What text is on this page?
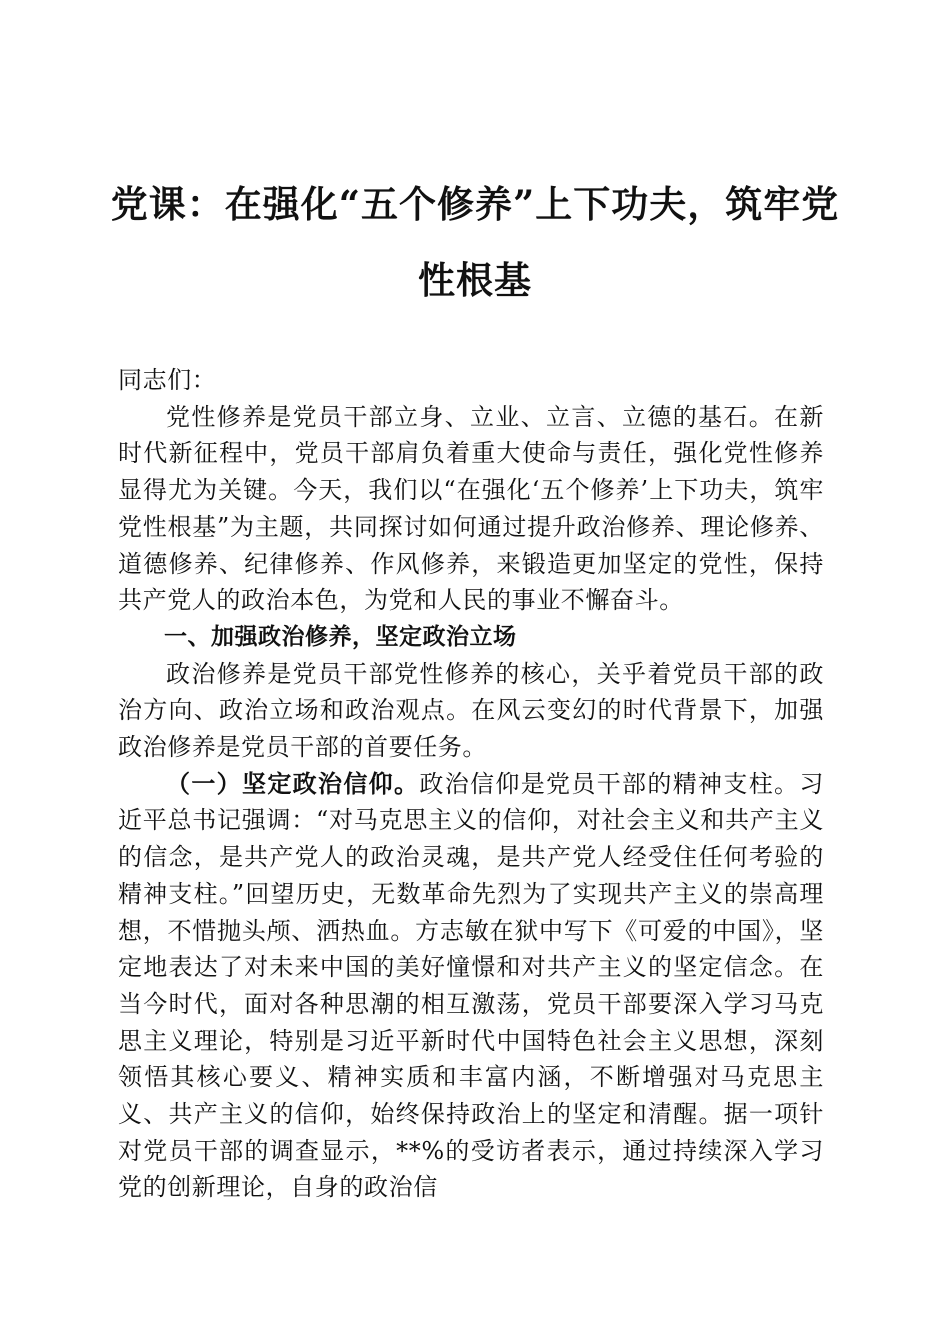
党课：在强化“五个修养”上下功夫，筑牢党性根基

同志们：

党性修养是党员干部立身、立业、立言、立德的基石。在新时代新征程中，党员干部肩负着重大使命与责任，强化党性修养显得尤为关键。今天，我们以“在强化‘五个修养’上下功夫，筑牢党性根基”为主题，共同探讨如何通过提升政治修养、理论修养、道德修养、纪律修养、作风修养，来锻造更加坚定的党性，保持共产党人的政治本色，为党和人民的事业不懈奋斗。

一、加强政治修养，坚定政治立场

政治修养是党员干部党性修养的核心，关乎着党员干部的政治方向、政治立场和政治观点。在风云变幻的时代背景下，加强政治修养是党员干部的首要任务。

（一）坚定政治信仰。政治信仰是党员干部的精神支柱。习近平总书记强调：“对马克思主义的信仰，对社会主义和共产主义的信念，是共产党人的政治灵魂，是共产党人经受住任何考验的精神支柱。”回望历史，无数革命先烈为了实现共产主义的崇高理想，不惜抛头颅、洒热血。方志敏在狱中写下《可爱的中国》，坚定地表达了对未来中国的美好憧憬和对共产主义的坚定信念。在当今时代，面对各种思潮的相互激荡，党员干部要深入学习马克思主义理论，特别是习近平新时代中国特色社会主义思想，深刻领悟其核心要义、精神实质和丰富内涵，不断增强对马克思主义、共产主义的信仰，始终保持政治上的坚定和清醒。据一项针对党员干部的调查显示，**%的受访者表示，通过持续深入学习党的创新理论，自身的政治信
